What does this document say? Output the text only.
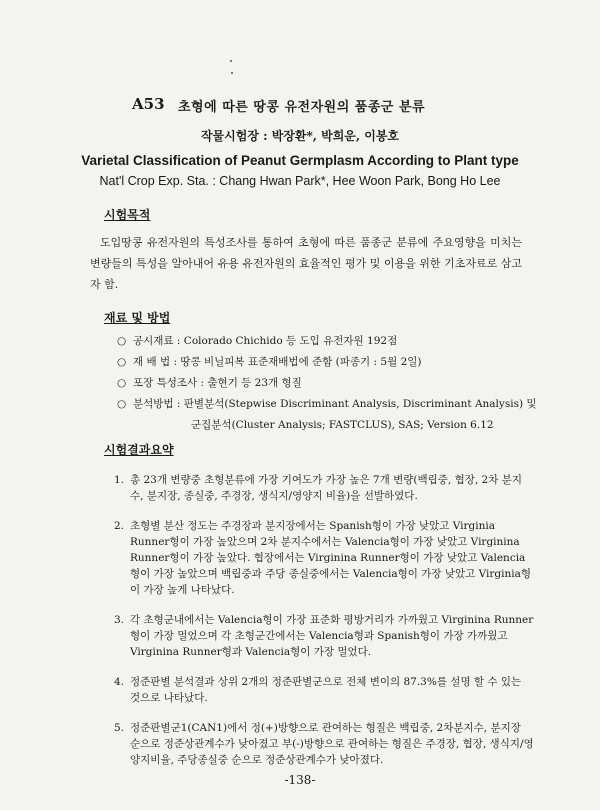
A53 초형에 따른 땅콩 유전자원의 품종군 분류
작물시험장 : 박장환*, 박희운, 이봉호
Varietal Classification of Peanut Germplasm According to Plant type
Nat'l Crop Exp. Sta. : Chang Hwan Park*, Hee Woon Park, Bong Ho Lee
시험목적
도입땅콩 유전자원의 특성조사를 통하여 초형에 따른 품종군 분류에 주요영향을 미치는 변량들의 특성을 알아내어 유용 유전자원의 효율적인 평가 및 이용을 위한 기초자료로 삼고자 함.
재료 및 방법
○ 공시재료 : Colorado Chichido 등 도입 유전자원 192점
○ 재 배 법 : 땅콩 비닐피복 표준재배법에 준함 (파종기 : 5월 2일)
○ 포장 특성조사 : 출현기 등 23개 형질
○ 분석방법 : 판별분석(Stepwise Discriminant Analysis, Discriminant Analysis) 및
군집분석(Cluster Analysis; FASTCLUS), SAS; Version 6.12
시험결과요약
1. 총 23개 변량중 초형분류에 가장 기여도가 가장 높은 7개 변량(백립중, 협장, 2차 분지수, 분지장, 종실중, 주경장, 생식지/영양지 비율)을 선발하였다.
2. 초형별 분산 정도는 주경장과 분지장에서는 Spanish형이 가장 낮았고 Virginia Runner형이 가장 높았으며 2차 분지수에서는 Valencia형이 가장 낮았고 Virginina Runner형이 가장 높았다. 협장에서는 Virginina Runner형이 가장 낮았고 Valencia형이 가장 높았으며 백립중과 주당 종실중에서는 Valencia형이 가장 낮았고 Virginia형이 가장 높게 나타났다.
3. 각 초형군내에서는 Valencia형이 가장 표준화 평방거리가 가까웠고 Virginina Runner형이 가장 멀었으며 각 초형군간에서는 Valencia형과 Spanish형이 가장 가까웠고 Virginina Runner형과 Valencia형이 가장 멀었다.
4. 정준판별 분석결과 상위 2개의 정준판별군으로 전체 변이의 87.3%를 설명 할 수 있는 것으로 나타났다.
5. 정준판별군1(CAN1)에서 정(+)방향으로 관여하는 형질은 백립중, 2차분지수, 분지장 순으로 정준상관계수가 낮아졌고 부(-)방향으로 관여하는 형질은 주경장, 협장, 생식지/영양지비율, 주당종실중 순으로 정준상관계수가 낮아졌다.
-138-
